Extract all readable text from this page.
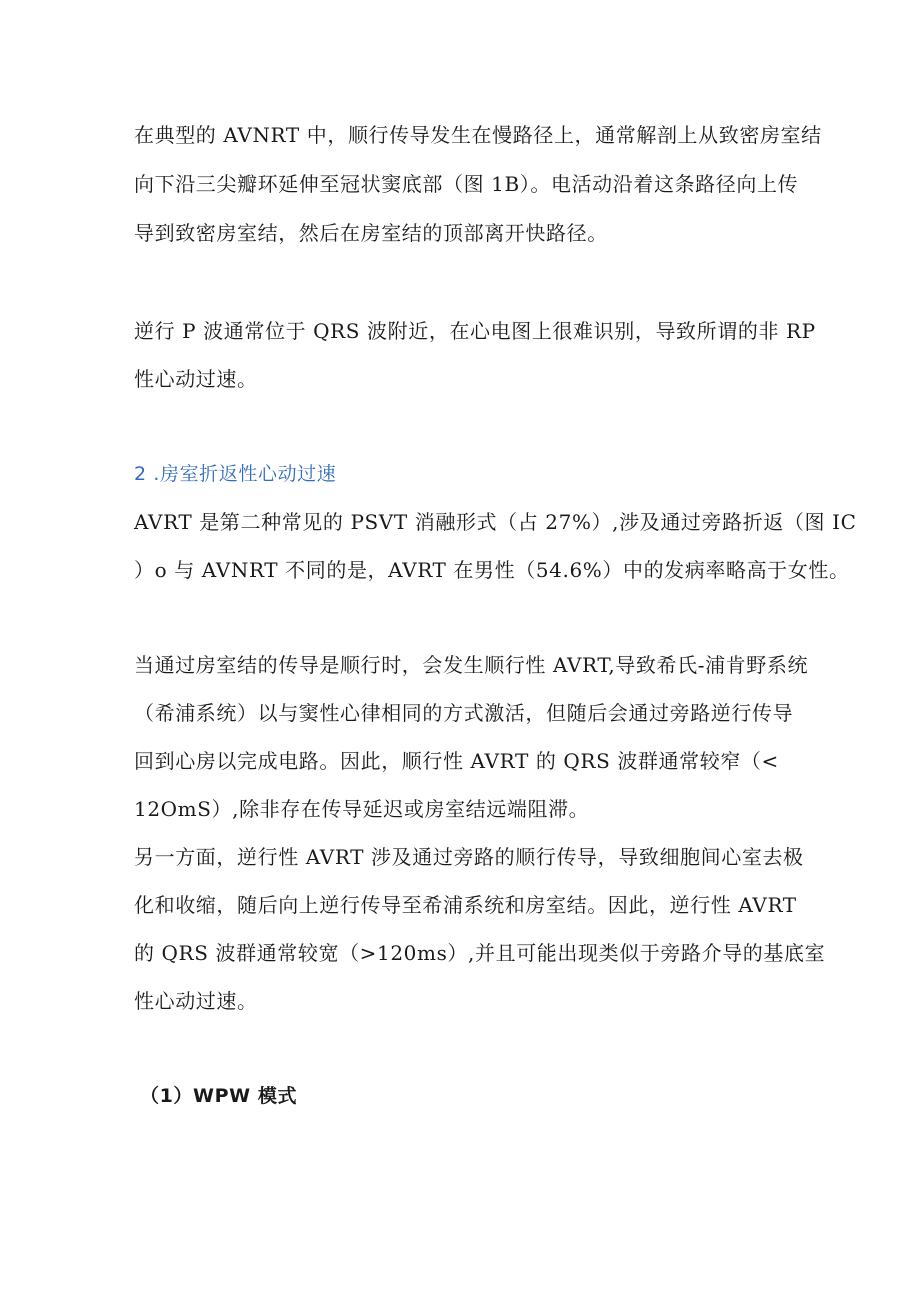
在典型的 AVNRT 中，顺行传导发生在慢路径上，通常解剖上从致密房室结
向下沿三尖瓣环延伸至冠状窦底部（图 1B）。电活动沿着这条路径向上传
导到致密房室结，然后在房室结的顶部离开快路径。
逆行 P 波通常位于 QRS 波附近，在心电图上很难识别，导致所谓的非 RP
性心动过速。
2 .房室折返性心动过速
AVRT 是第二种常见的 PSVT 消融形式（占 27%）,涉及通过旁路折返（图 IC
）o 与 AVNRT 不同的是，AVRT 在男性（54.6%）中的发病率略高于女性。
当通过房室结的传导是顺行时，会发生顺行性 AVRT,导致希氏-浦肯野系统
（希浦系统）以与窦性心律相同的方式激活，但随后会通过旁路逆行传导
回到心房以完成电路。因此，顺行性 AVRT 的 QRS 波群通常较窄（<
12OmS）,除非存在传导延迟或房室结远端阻滞。
另一方面，逆行性 AVRT 涉及通过旁路的顺行传导，导致细胞间心室去极
化和收缩，随后向上逆行传导至希浦系统和房室结。因此，逆行性 AVRT
的 QRS 波群通常较宽（>120ms）,并且可能出现类似于旁路介导的基底室
性心动过速。
（1）WPW 模式
